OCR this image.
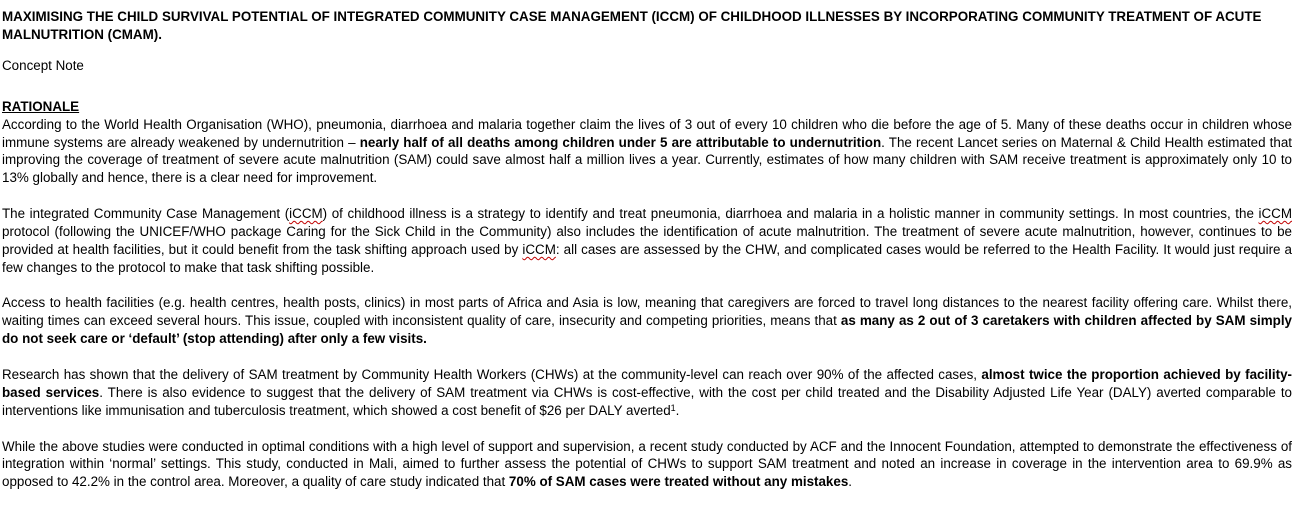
MAXIMISING THE CHILD SURVIVAL POTENTIAL OF INTEGRATED COMMUNITY CASE MANAGEMENT (ICCM) OF CHILDHOOD ILLNESSES BY INCORPORATING COMMUNITY TREATMENT OF ACUTE MALNUTRITION (CMAM).
Concept Note
RATIONALE

According to the World Health Organisation (WHO), pneumonia, diarrhoea and malaria together claim the lives of 3 out of every 10 children who die before the age of 5. Many of these deaths occur in children whose immune systems are already weakened by undernutrition – nearly half of all deaths among children under 5 are attributable to undernutrition. The recent Lancet series on Maternal & Child Health estimated that improving the coverage of treatment of severe acute malnutrition (SAM) could save almost half a million lives a year. Currently, estimates of how many children with SAM receive treatment is approximately only 10 to 13% globally and hence, there is a clear need for improvement.

The integrated Community Case Management (iCCM) of childhood illness is a strategy to identify and treat pneumonia, diarrhoea and malaria in a holistic manner in community settings. In most countries, the iCCM protocol (following the UNICEF/WHO package Caring for the Sick Child in the Community) also includes the identification of acute malnutrition. The treatment of severe acute malnutrition, however, continues to be provided at health facilities, but it could benefit from the task shifting approach used by iCCM: all cases are assessed by the CHW, and complicated cases would be referred to the Health Facility. It would just require a few changes to the protocol to make that task shifting possible.

Access to health facilities (e.g. health centres, health posts, clinics) in most parts of Africa and Asia is low, meaning that caregivers are forced to travel long distances to the nearest facility offering care. Whilst there, waiting times can exceed several hours. This issue, coupled with inconsistent quality of care, insecurity and competing priorities, means that as many as 2 out of 3 caretakers with children affected by SAM simply do not seek care or ‘default’ (stop attending) after only a few visits.

Research has shown that the delivery of SAM treatment by Community Health Workers (CHWs) at the community-level can reach over 90% of the affected cases, almost twice the proportion achieved by facility-based services. There is also evidence to suggest that the delivery of SAM treatment via CHWs is cost-effective, with the cost per child treated and the Disability Adjusted Life Year (DALY) averted comparable to interventions like immunisation and tuberculosis treatment, which showed a cost benefit of $26 per DALY averted$^1$.

While the above studies were conducted in optimal conditions with a high level of support and supervision, a recent study conducted by ACF and the Innocent Foundation, attempted to demonstrate the effectiveness of integration within ‘normal’ settings. This study, conducted in Mali, aimed to further assess the potential of CHWs to support SAM treatment and noted an increase in coverage in the intervention area to 69.9% as opposed to 42.2% in the control area. Moreover, a quality of care study indicated that 70% of SAM cases were treated without any mistakes.
